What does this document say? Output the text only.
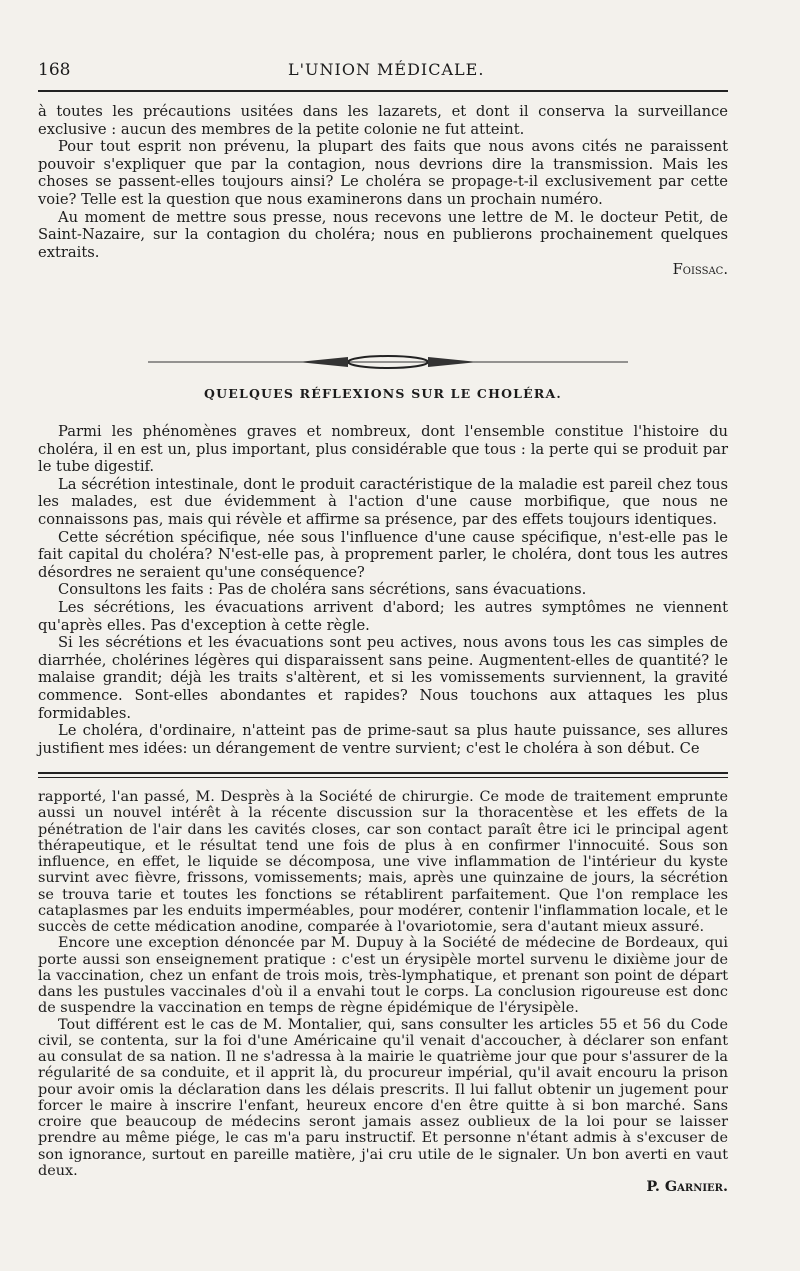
168	L'UNION MÉDICALE.

à toutes les précautions usitées dans les lazarets, et dont il conserva la surveillance exclusive : aucun des membres de la petite colonie ne fut atteint.

Pour tout esprit non prévenu, la plupart des faits que nous avons cités ne paraissent pouvoir s'expliquer que par la contagion, nous devrions dire la transmission. Mais les choses se passent-elles toujours ainsi? Le choléra se propage-t-il exclusivement par cette voie? Telle est la question que nous examinerons dans un prochain numéro.

Au moment de mettre sous presse, nous recevons une lettre de M. le docteur Petit, de Saint-Nazaire, sur la contagion du choléra; nous en publierons prochainement quelques extraits.

Foissac.

QUELQUES RÉFLEXIONS SUR LE CHOLÉRA.

Parmi les phénomènes graves et nombreux, dont l'ensemble constitue l'histoire du choléra, il en est un, plus important, plus considérable que tous : la perte qui se produit par le tube digestif.

La sécrétion intestinale, dont le produit caractéristique de la maladie est pareil chez tous les malades, est due évidemment à l'action d'une cause morbifique, que nous ne connaissons pas, mais qui révèle et affirme sa présence, par des effets toujours identiques.

Cette sécrétion spécifique, née sous l'influence d'une cause spécifique, n'est-elle pas le fait capital du choléra? N'est-elle pas, à proprement parler, le choléra, dont tous les autres désordres ne seraient qu'une conséquence?

Consultons les faits : Pas de choléra sans sécrétions, sans évacuations.

Les sécrétions, les évacuations arrivent d'abord; les autres symptômes ne viennent qu'après elles. Pas d'exception à cette règle.

Si les sécrétions et les évacuations sont peu actives, nous avons tous les cas simples de diarrhée, cholérines légères qui disparaissent sans peine. Augmentent-elles de quantité? le malaise grandit; déjà les traits s'altèrent, et si les vomissements surviennent, la gravité commence. Sont-elles abondantes et rapides? Nous touchons aux attaques les plus formidables.

Le choléra, d'ordinaire, n'atteint pas de prime-saut sa plus haute puissance, ses allures justifient mes idées: un dérangement de ventre survient; c'est le choléra à son début. Ce

rapporté, l'an passé, M. Desprès à la Société de chirurgie. Ce mode de traitement emprunte aussi un nouvel intérêt à la récente discussion sur la thoracentèse et les effets de la pénétration de l'air dans les cavités closes, car son contact paraît être ici le principal agent thérapeutique, et le résultat tend une fois de plus à en confirmer l'innocuité. Sous son influence, en effet, le liquide se décomposa, une vive inflammation de l'intérieur du kyste survint avec fièvre, frissons, vomissements; mais, après une quinzaine de jours, la sécrétion se trouva tarie et toutes les fonctions se rétablirent parfaitement. Que l'on remplace les cataplasmes par les enduits imperméables, pour modérer, contenir l'inflammation locale, et le succès de cette médication anodine, comparée à l'ovariotomie, sera d'autant mieux assuré.

Encore une exception dénoncée par M. Dupuy à la Société de médecine de Bordeaux, qui porte aussi son enseignement pratique : c'est un érysipèle mortel survenu le dixième jour de la vaccination, chez un enfant de trois mois, très-lymphatique, et prenant son point de départ dans les pustules vaccinales d'où il a envahi tout le corps. La conclusion rigoureuse est donc de suspendre la vaccination en temps de règne épidémique de l'érysipèle.

Tout différent est le cas de M. Montalier, qui, sans consulter les articles 55 et 56 du Code civil, se contenta, sur la foi d'une Américaine qu'il venait d'accoucher, à déclarer son enfant au consulat de sa nation. Il ne s'adressa à la mairie le quatrième jour que pour s'assurer de la régularité de sa conduite, et il apprit là, du procureur impérial, qu'il avait encouru la prison pour avoir omis la déclaration dans les délais prescrits. Il lui fallut obtenir un jugement pour forcer le maire à inscrire l'enfant, heureux encore d'en être quitte à si bon marché. Sans croire que beaucoup de médecins seront jamais assez oublieux de la loi pour se laisser prendre au même piége, le cas m'a paru instructif. Et personne n'étant admis à s'excuser de son ignorance, surtout en pareille matière, j'ai cru utile de le signaler. Un bon averti en vaut deux.

P. Garnier.
